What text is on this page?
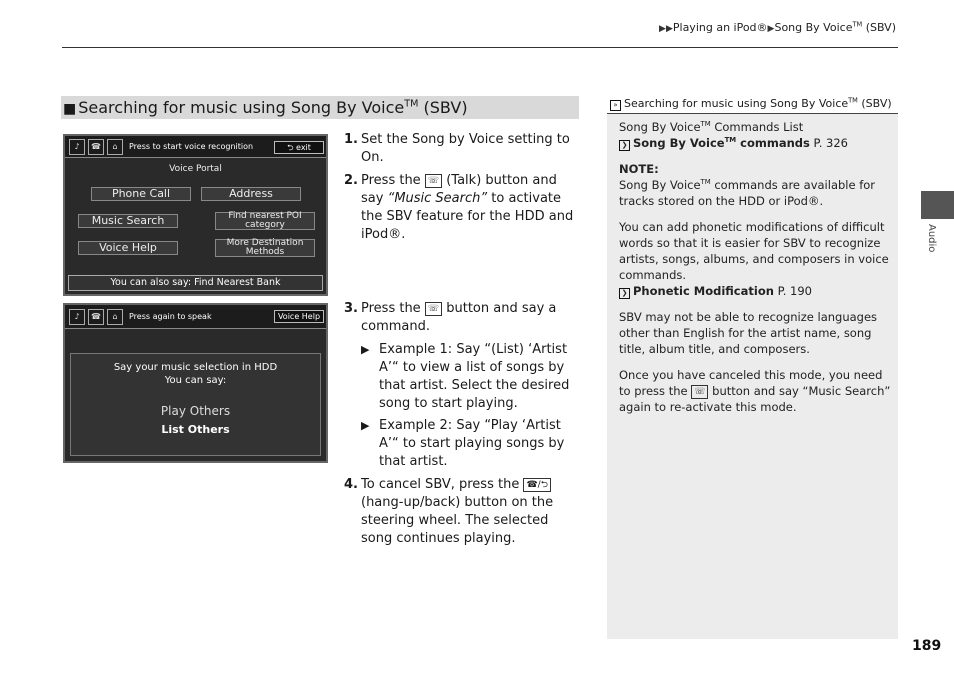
▶▶Playing an iPod®▶Song By Voice™ (SBV)
Audio
■ Searching for music using Song By Voice™ (SBV)
♪	☎	⌂	Press to start voice recognition	⮌ exit
Voice Portal
Phone Call	Address
Music Search	Find nearest POI category
Voice Help	More Destination Methods
You can also say: Find Nearest Bank
♪	☎	⌂	Press again to speak	Voice Help
Say your music selection in HDD
You can say:
Play Others
List Others
1. Set the Song by Voice setting to On.
2. Press the ☏ (Talk) button and say “Music Search” to activate the SBV feature for the HDD and iPod®.
3. Press the ☏ button and say a command.
▶ Example 1: Say “(List) ‘Artist A’“ to view a list of songs by that artist. Select the desired song to start playing.
▶ Example 2: Say “Play ‘Artist A’“ to start playing songs by that artist.
4. To cancel SBV, press the ☎/⮌ (hang-up/back) button on the steering wheel. The selected song continues playing.
» Searching for music using Song By Voice™ (SBV)

Song By Voice™ Commands List
❯ Song By Voice™ commands P. 326

NOTE:
Song By Voice™ commands are available for tracks stored on the HDD or iPod®.

You can add phonetic modifications of difficult words so that it is easier for SBV to recognize artists, songs, albums, and composers in voice commands.
❯ Phonetic Modification P. 190

SBV may not be able to recognize languages other than English for the artist name, song title, album title, and composers.

Once you have canceled this mode, you need to press the ☏ button and say “Music Search” again to re-activate this mode.

189
